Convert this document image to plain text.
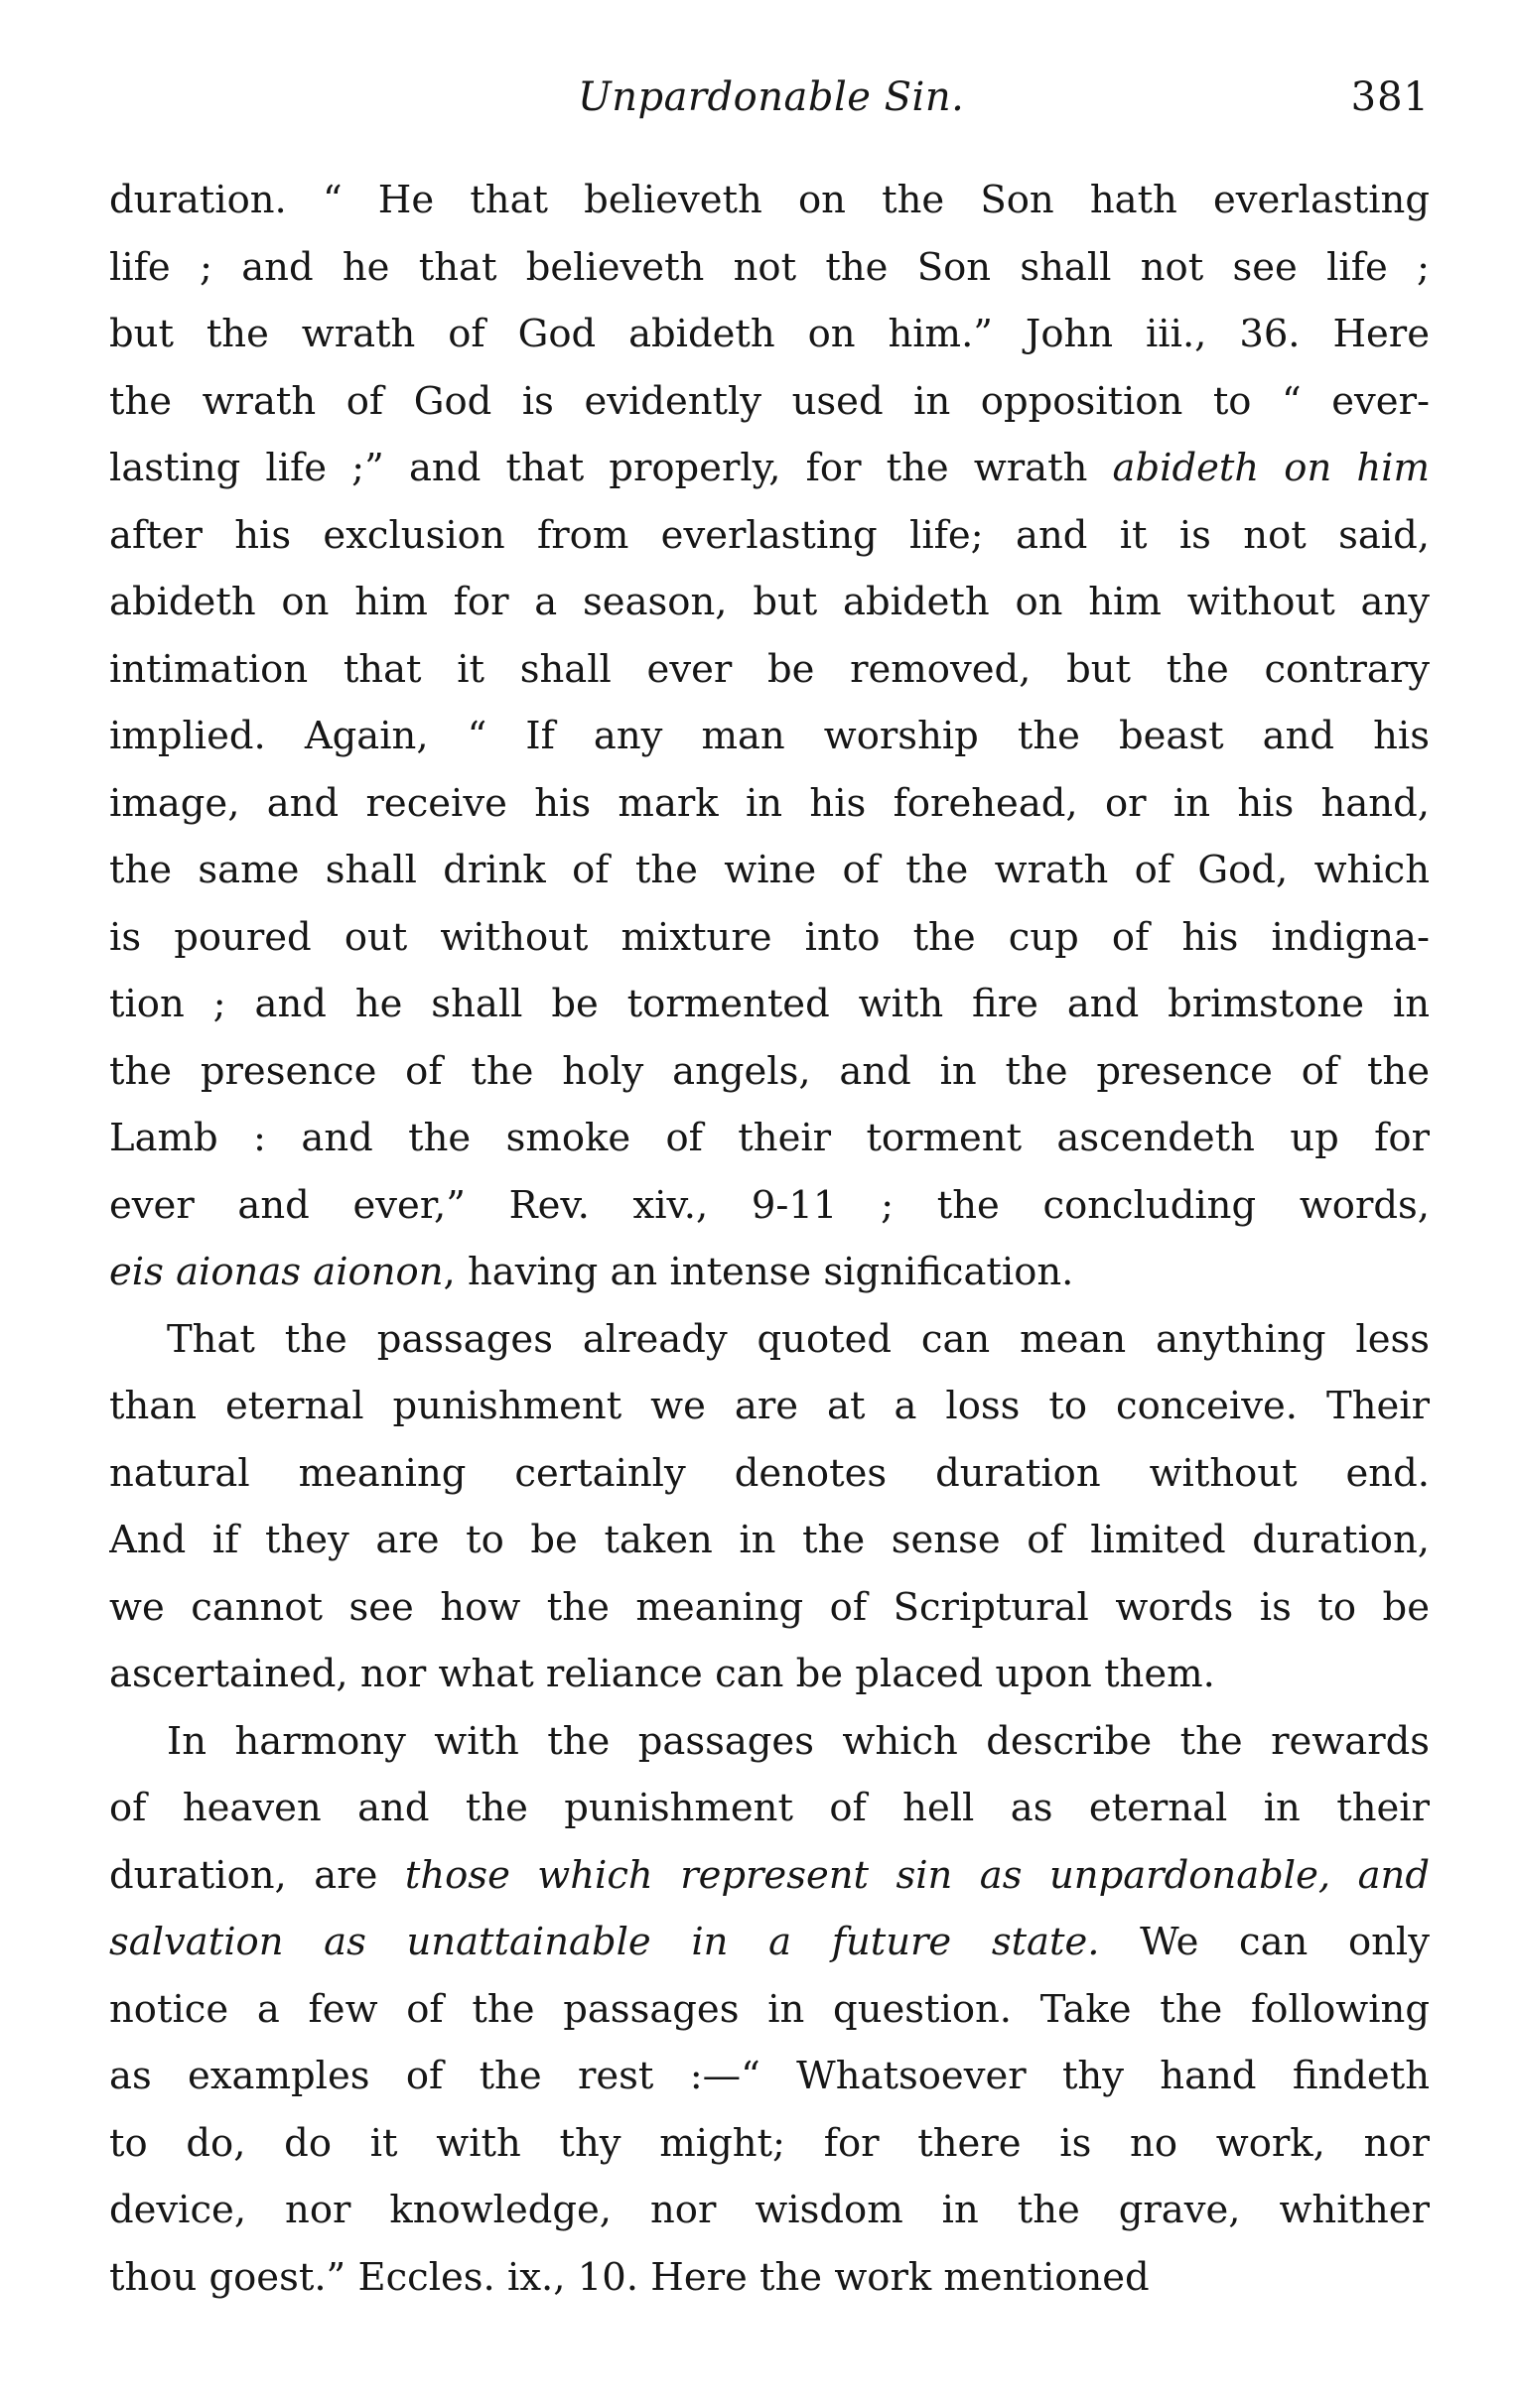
Unpardonable Sin.	381
duration. “ He that believeth on the Son hath everlasting
life ; and he that believeth not the Son shall not see life ;
but the wrath of God abideth on him.” John iii., 36. Here
the wrath of God is evidently used in opposition to “ ever-
lasting life ;” and that properly, for the wrath abideth on him
after his exclusion from everlasting life; and it is not said,
abideth on him for a season, but abideth on him without any
intimation that it shall ever be removed, but the contrary
implied. Again, “ If any man worship the beast and his
image, and receive his mark in his forehead, or in his hand,
the same shall drink of the wine of the wrath of God, which
is poured out without mixture into the cup of his indigna-
tion ; and he shall be tormented with fire and brimstone in
the presence of the holy angels, and in the presence of the
Lamb : and the smoke of their torment ascendeth up for
ever and ever,” Rev. xiv., 9-11 ; the concluding words,
eis aionas aionon, having an intense signification.
That the passages already quoted can mean anything less
than eternal punishment we are at a loss to conceive. Their
natural meaning certainly denotes duration without end.
And if they are to be taken in the sense of limited duration,
we cannot see how the meaning of Scriptural words is to be
ascertained, nor what reliance can be placed upon them.
In harmony with the passages which describe the rewards
of heaven and the punishment of hell as eternal in their
duration, are those which represent sin as unpardonable, and
salvation as unattainable in a future state. We can only
notice a few of the passages in question. Take the following
as examples of the rest :—“ Whatsoever thy hand findeth
to do, do it with thy might; for there is no work, nor
device, nor knowledge, nor wisdom in the grave, whither
thou goest.” Eccles. ix., 10. Here the work mentioned
